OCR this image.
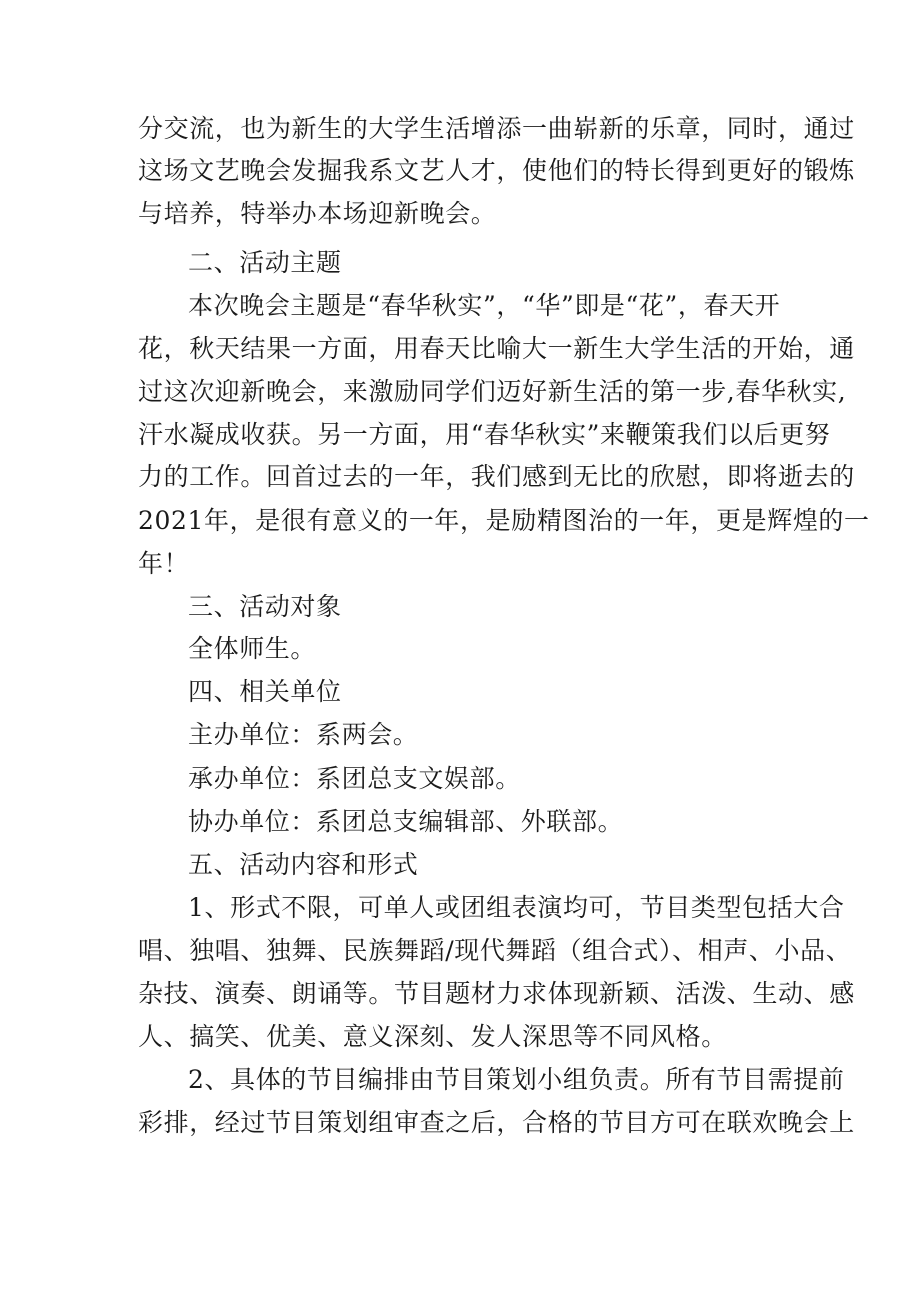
分交流，也为新生的大学生活增添一曲崭新的乐章，同时，通过
这场文艺晚会发掘我系文艺人才，使他们的特长得到更好的锻炼
与培养，特举办本场迎新晚会。
二、活动主题
本次晚会主题是“春华秋实”，“华”即是“花”，春天开
花，秋天结果一方面，用春天比喻大一新生大学生活的开始，通
过这次迎新晚会，来激励同学们迈好新生活的第一步,春华秋实,
汗水凝成收获。另一方面，用“春华秋实”来鞭策我们以后更努
力的工作。回首过去的一年，我们感到无比的欣慰，即将逝去的
2021年，是很有意义的一年，是励精图治的一年，更是辉煌的一
年！
三、活动对象
全体师生。
四、相关单位
主办单位：系两会。
承办单位：系团总支文娱部。
协办单位：系团总支编辑部、外联部。
五、活动内容和形式
1、形式不限，可单人或团组表演均可，节目类型包括大合
唱、独唱、独舞、民族舞蹈/现代舞蹈（组合式）、相声、小品、
杂技、演奏、朗诵等。节目题材力求体现新颖、活泼、生动、感
人、搞笑、优美、意义深刻、发人深思等不同风格。
2、具体的节目编排由节目策划小组负责。所有节目需提前
彩排，经过节目策划组审查之后，合格的节目方可在联欢晚会上
